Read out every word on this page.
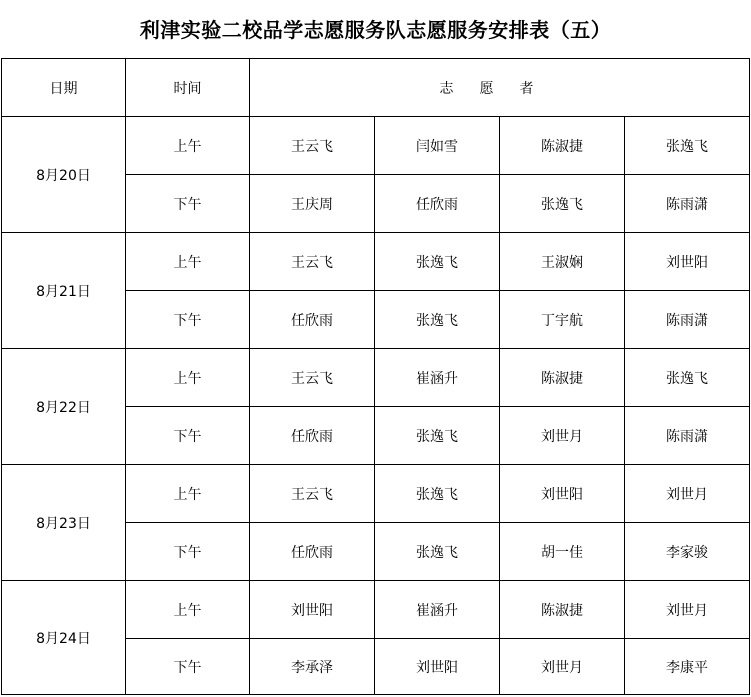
利津实验二校品学志愿服务队志愿服务安排表（五）
日期	时间	志愿者			
8月20日	上午	王云飞	闫如雪	陈淑捷	张逸飞
	下午	王庆周	任欣雨	张逸飞	陈雨潇
8月21日	上午	王云飞	张逸飞	王淑娴	刘世阳
	下午	任欣雨	张逸飞	丁宇航	陈雨潇
8月22日	上午	王云飞	崔涵升	陈淑捷	张逸飞
	下午	任欣雨	张逸飞	刘世月	陈雨潇
8月23日	上午	王云飞	张逸飞	刘世阳	刘世月
	下午	任欣雨	张逸飞	胡一佳	李家骏
8月24日	上午	刘世阳	崔涵升	陈淑捷	刘世月
	下午	李承泽	刘世阳	刘世月	李康平
